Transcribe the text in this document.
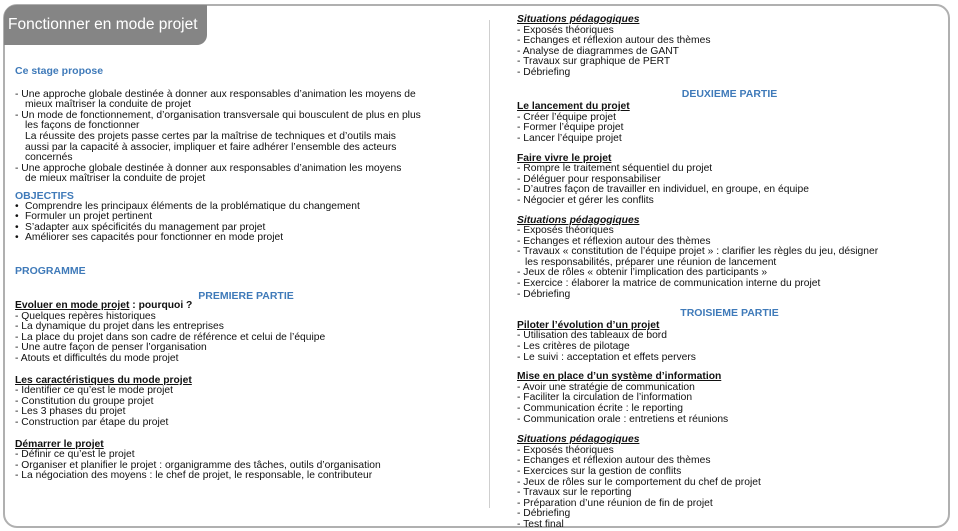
Fonctionner en mode projet
Ce stage propose
- Une approche globale destinée à donner aux responsables d’animation les moyens de
mieux maîtriser la conduite de projet
- Un mode de fonctionnement, d’organisation transversale qui bousculent de plus en plus
les façons de fonctionner
La réussite des projets passe certes par la maîtrise de techniques et d’outils mais
aussi par la capacité à associer, impliquer et faire adhérer l’ensemble des acteurs
concernés
- Une approche globale destinée à donner aux responsables d’animation les moyens
de mieux maîtriser la conduite de projet
OBJECTIFS
• Comprendre les principaux éléments de la problématique du changement
• Formuler un projet pertinent
• S’adapter aux spécificités du management par projet
• Améliorer ses capacités pour fonctionner en mode projet
PROGRAMME
PREMIERE PARTIE
Evoluer en mode projet : pourquoi ?
- Quelques repères historiques
- La dynamique du projet dans les entreprises
- La place du projet dans son cadre de référence et celui de l’équipe
- Une autre façon de penser l’organisation
- Atouts et difficultés du mode projet
Les caractéristiques du mode projet
- Identifier ce qu’est le mode projet
- Constitution du groupe projet
- Les 3 phases du projet
- Construction par étape du projet
Démarrer le projet
- Définir ce qu’est le projet
- Organiser et planifier le projet : organigramme des tâches, outils d’organisation
- La négociation des moyens : le chef de projet, le responsable, le contributeur
Situations pédagogiques
- Exposés théoriques
- Echanges et réflexion autour des thèmes
- Analyse de diagrammes de GANT
- Travaux sur graphique de PERT
- Débriefing
DEUXIEME PARTIE
Le lancement du projet
- Créer l’équipe projet
- Former l’équipe projet
- Lancer l’équipe projet
Faire vivre le projet
- Rompre le traitement séquentiel du projet
- Déléguer pour responsabiliser
- D’autres façon de travailler en individuel, en groupe, en équipe
- Négocier et gérer les conflits
Situations pédagogiques
- Exposés théoriques
- Echanges et réflexion autour des thèmes
- Travaux « constitution de l’équipe projet » : clarifier les règles du jeu, désigner
les responsabilités, préparer une réunion de lancement
- Jeux de rôles « obtenir l’implication des participants »
- Exercice : élaborer la matrice de communication interne du projet
- Débriefing
TROISIEME PARTIE
Piloter l’évolution d’un projet
- Utilisation des tableaux de bord
- Les critères de pilotage
- Le suivi : acceptation et effets pervers
Mise en place d’un système d’information
- Avoir une stratégie de communication
- Faciliter la circulation de l’information
- Communication écrite : le reporting
- Communication orale : entretiens et réunions
Situations pédagogiques
- Exposés théoriques
- Echanges et réflexion autour des thèmes
- Exercices sur la gestion de conflits
- Jeux de rôles sur le comportement du chef de projet
- Travaux sur le reporting
- Préparation d’une réunion de fin de projet
- Débriefing
- Test final
